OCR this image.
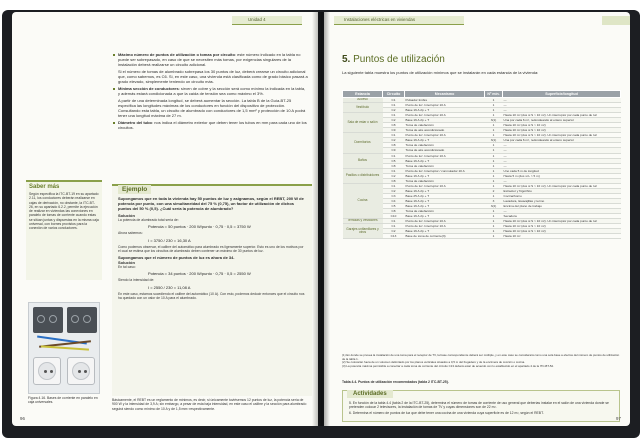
Unidad 4
Máximo número de puntos de utilización o tomas por circuito: este número indicado en la tabla no puede ser sobrepasado, en caso de que se necesiten más tomas, por exigencias singulares de la instalación deberá realizarse un circuito adicional.
Si el número de tomas de alumbrado sobrepasa los 30 puntos de luz, deberá crearse un circuito adicional que, como sabemos, es C6. Si, en este caso, una vivienda está clasificada como de grado básico pasará a grado elevado, simplemente teniendo un circuito más.
Mínima sección de conductores: sirven de cobre y la sección será como mínimo la indicada en la tabla, y además estará condicionada a que la caída de tensión sea como máximo el 3%.
A partir de una determinada longitud, se deberá aumentar la sección. La tabla B de la Guía-BT-25 especifica las longitudes máximas de los conductores en función del dispositivo de protección. Consultando esta tabla, un circuito de alumbrado con conductores de 1,5 mm² y protección de 10 A podrá tener una longitud máxima de 27 m.
Diámetro del tubo: nos indica el diámetro exterior que deben tener los tubos en mm para cada uno de los circuitos.
Saber más
Según especifica la ITC-BT-19 en su apartado 2.11, los conductores deberán realizarse en cajas de derivación, no obstante, la ITC-BT-26, en su apartado 6.2.2, permite la ejecución de realizar en viviendas las conexiones en paralelo de tomas de corriente cuando estas se sitúan juntas y dispuestas en la misma caja universal, con bornes provistos para la conexión de varios conductores.
Figura 4.16. Bases de corriente en paralelo en caja universales.
Ejemplo
Supongamos que en toda la vivienda hay 50 puntos de luz y asignamos, según el REBT, 200 W de potencia por punto, con una simultaneidad del 75 % (0,75), un factor de utilización de dichos puntos del 50 % (0,5). ¿Cuál sería la potencia de alumbrado?
Solución
La potencia de alumbrado total sería de:
Potencia = 50 puntos · 200 W/punto · 0,75 · 0,5 = 3750 W
Ahora sabemos:
I = 3750 / 230 = 16,30 A
Como podemos observar, el calibre del automático para alumbrado es ligeramente superior. Esto es uno de los motivos por el cual se estima que los circuitos de alumbrado deben contener un máximo de 30 puntos de luz.
Supongamos que el número de puntos de luz es ahora de 34.
Solución
En tal caso:
Potencia = 34 puntos · 200 W/punto · 0,75 · 0,5 = 2550 W
Siendo la intensidad de:
I = 2550 / 230 = 11,08 A
En este caso, estamos sucediendo el calibre del automático (10 A). Con esto, podemos deducir entonces que el circuito nos ha quedado con un valor de 10 A para el alumbrado.
Básicamente, el REBT es un reglamento de mínimos, es decir, si únicamente tuviésemos 12 puntos de luz, la potencia sería de 900 W y la intensidad de 3,9 A; sin embargo, a pesar de esta baja intensidad, en este caso el calibre y la sección para alumbrado seguirá siendo como mínimo de 10 A y de 1,5 mm² respectivamente.
96
Instalaciones eléctricas en viviendas
5. Puntos de utilización
La siguiente tabla muestra los puntos de utilización mínimos que se instalarán en cada estancia de la vivienda:
Estancia	Circuito	Mecanismo	Nº mín.	Superficie/longitud
Acceso	C1	Pulsador timbre	1	—
Vestíbulo	C1	Punto de luz. Interruptor 10 A	1	—
	C2	Base 16 A 2p + T	1	—
Sala de estar o salón	C1	Punto de luz. Interruptor 10 A	1	Hasta 10 m² (dos si S > 10 m²). Un interruptor por cada punto de luz
	C2	Base 16 A 2p + T	3(1)	Una por cada 6 m², redondeando al entero superior
	C8	Toma de calefacción	1	Hasta 10 m² (dos si S > 10 m²)
	C9	Toma de aire acondicionado	1	Hasta 10 m² (dos si S > 10 m²)
Dormitorios	C1	Punto de luz. Interruptor 10 A	1	Hasta 10 m² (dos si S > 10 m²). Un interruptor por cada punto de luz
	C2	Base 16 A 2p + T	3(1)	Una por cada 6 m², redondeando al entero superior
	C8	Toma de calefacción	1	—
	C9	Toma de aire acondicionado	1	—
Baños	C1	Punto de luz. Interruptor 10 A	1	—
	C5	Base 16 A 2p + T	1	—
	C8	Toma de calefacción	1	—
Pasillos o distribuidores	C1	Punto de luz. Interruptor / conmutador 10 A	1	Uno cada 5 m de longitud
	C2	Base 16 A 2p + T	1	Hasta 5 m (dos si L > 5 m)
	C8	Toma de calefacción	1	—
Cocina	C1	Punto de luz. Interruptor 10 A	1	Hasta 10 m² (dos si S > 10 m²). Un interruptor por cada punto de luz
	C2	Base 16 A 2p + T	2	Extractor y frigorífico
	C3	Base 25 A 2p + T	1	Cocina/horno
	C4	Base 16 A 2p + T	3	Lavadora, lavavajillas y termo
	C5	Base 16 A 2p + T	3(2)	Encima del plano de trabajo
	C8	Toma de calefacción	1	—
	C10	Base 16 A 2p + T	1	Secadora
Terrazas y vestidores	C1	Punto de luz. Interruptor 10 A	1	Hasta 10 m² (dos si S > 10 m²). Un interruptor por cada punto de luz
Garajes unifamiliares y otros	C1	Punto de luz. Interruptor 10 A	1	Hasta 10 m² (dos si S > 10 m²)
	C2	Base 16 A 2p + T	1	Hasta 10 m² (dos si S > 10 m²)
	C13	Base de toma de corriente(3)	1	Hasta 10 m²
(1) En donde se prevea la instalación de una toma para el receptor de TV, la base correspondiente deberá ser múltiple, y en este caso se considerará como una sola base a efectos del número de puntos de utilización de la tabla 1.
(2) Se colocarán fuera de un volumen delimitado por los planos verticales situados a 0,5 m del fregadero y de la encimera de cocción o cocina.
(3) La potencia máxima permisible a conectar a cada toma de corriente del circuito C13 deberá estar de acuerdo con lo establecido en el apartado 4 de la ITC-BT-52.
Tabla 4.4. Puntos de utilización recomendados (tabla 2 ITC-BT-25).
Actividades
5. En función de la tabla 4.4 (tabla 2 de la ITC-BT-25), determina el número de tomas de corriente de uso general que deberías instalar en el salón de una vivienda donde se pretenden colocar 2 televisores, la instalación de tomas de TV y cuyas dimensiones son de 22 m².
6. Determina el número de puntos de luz que debe tener una cocina de una vivienda cuya superficie es de 12 m², según el REBT.
97
